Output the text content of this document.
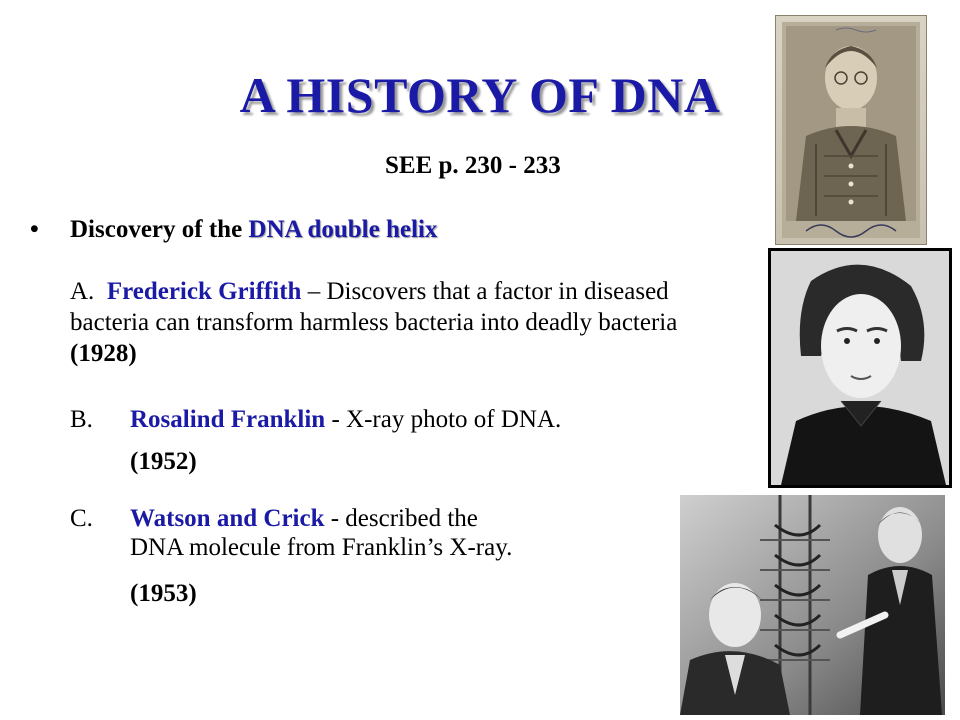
A HISTORY OF DNA
SEE p. 230 - 233
• Discovery of the DNA double helix
A. Frederick Griffith – Discovers that a factor in diseased bacteria can transform harmless bacteria into deadly bacteria (1928)
B. Rosalind Franklin - X-ray photo of DNA.
(1952)
C. Watson and Crick - described the
DNA molecule from Franklin’s X-ray.
(1953)
